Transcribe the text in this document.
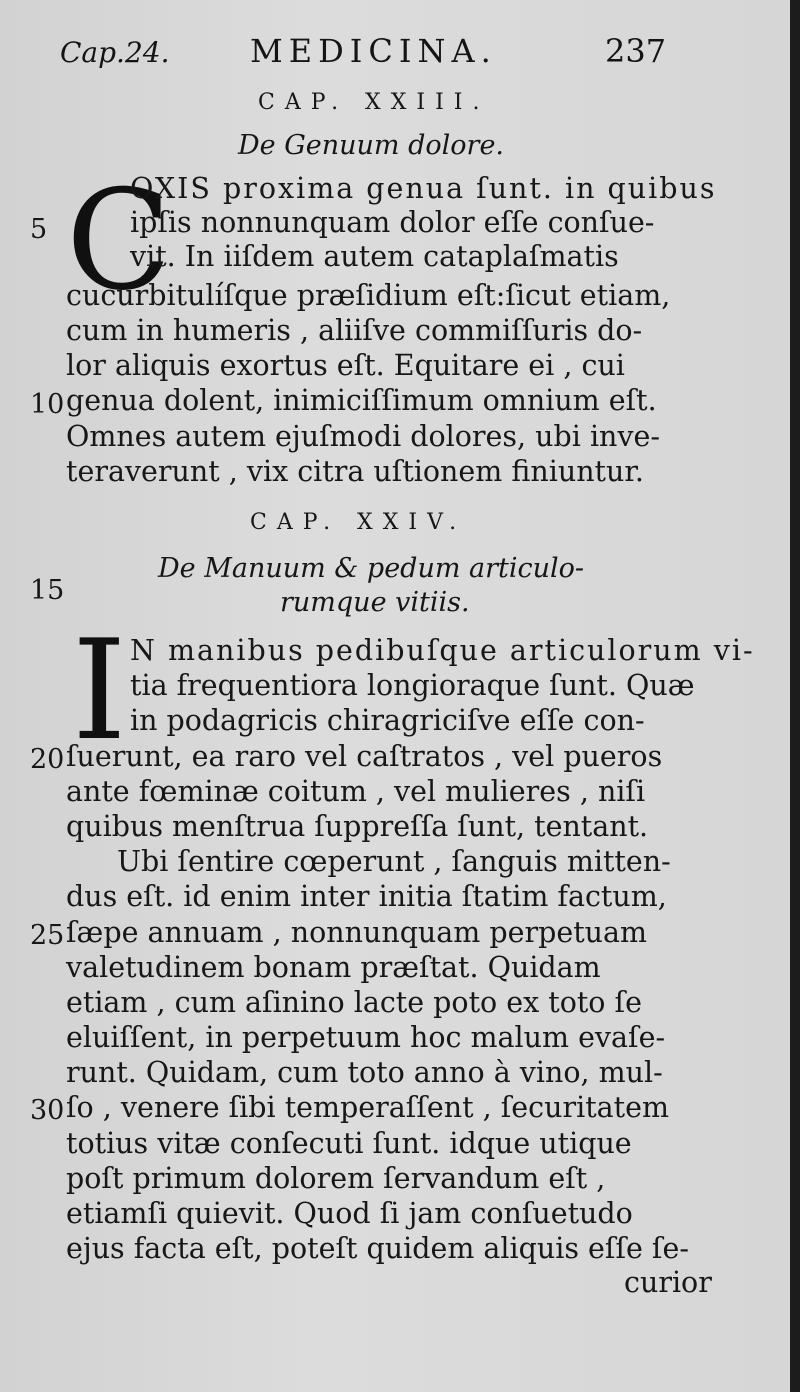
Cap.24.	MEDICINA.	237
CAP. XXIII.
De Genuum dolore.
C
OXIS proxima genua ſunt. in quibus
ipſis nonnunquam dolor eſſe conſue-
vit. In iiſdem autem cataplaſmatis
cucurbitulíſque præſidium eſt:ſicut etiam,
cum in humeris , aliiſve commiſſuris do-
lor aliquis exortus eſt. Equitare ei , cui
genua dolent, inimiciſſimum omnium eſt.
Omnes autem ejuſmodi dolores, ubi inve-
teraverunt , vix citra uſtionem finiuntur.
CAP. XXIV.
De Manuum & pedum articulo-
rumque vitiis.
I N manibus pedibuſque articulorum vi-
tia frequentiora longioraque ſunt. Quæ
in podagricis chiragriciſve eſſe con-
ſuerunt, ea raro vel caſtratos , vel pueros
ante fœminæ coitum , vel mulieres , niſi
quibus menſtrua ſuppreſſa ſunt, tentant.
Ubi ſentire cœperunt , ſanguis mitten-
dus eſt. id enim inter initia ſtatim factum,
ſæpe annuam , nonnunquam perpetuam
valetudinem bonam præſtat. Quidam
etiam , cum aſinino lacte poto ex toto ſe
eluiſſent, in perpetuum hoc malum evaſe-
runt. Quidam, cum toto anno à vino, mul-
ſo , venere ſibi temperaſſent , ſecuritatem
totius vitæ conſecuti ſunt. idque utique
poſt primum dolorem ſervandum eſt ,
etiamſi quievit. Quod ſi jam conſuetudo
ejus facta eſt, poteſt quidem aliquis eſſe ſe-
curior
5
10
15
20
25
30
